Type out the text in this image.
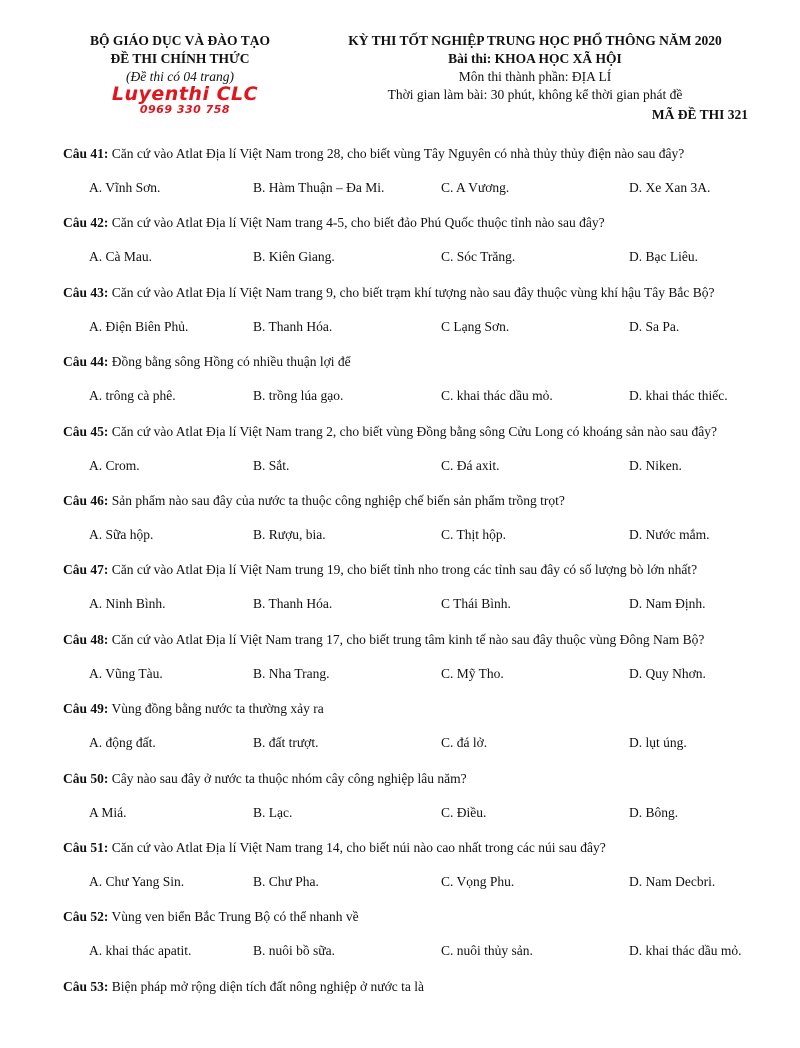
BỘ GIÁO DỤC VÀ ĐÀO TẠO
ĐỀ THI CHÍNH THỨC
(Đề thi có 04 trang)
Luyenthi CLC
0969 330 758
KỲ THI TỐT NGHIỆP TRUNG HỌC PHỔ THÔNG NĂM 2020
Bài thi: KHOA HỌC XÃ HỘI
Môn thi thành phần: ĐỊA LÍ
Thời gian làm bài: 30 phút, không kể thời gian phát đề
MÃ ĐỀ THI 321
Câu 41: Căn cứ vào Atlat Địa lí Việt Nam trong 28, cho biết vùng Tây Nguyên có nhà thủy thủy điện nào sau đây?
A. Vĩnh Sơn.	B. Hàm Thuận – Đa Mi.	C. A Vương.	D. Xe Xan 3A.
Câu 42: Căn cứ vào Atlat Địa lí Việt Nam trang 4-5, cho biết đảo Phú Quốc thuộc tỉnh nào sau đây?
A. Cà Mau.	B. Kiên Giang.	C. Sóc Trăng.	D. Bạc Liêu.
Câu 43: Căn cứ vào Atlat Địa lí Việt Nam trang 9, cho biết trạm khí tượng nào sau đây thuộc vùng khí hậu Tây Bắc Bộ?
A. Điện Biên Phủ.	B. Thanh Hóa.	C Lạng Sơn.	D. Sa Pa.
Câu 44: Đồng bằng sông Hồng có nhiều thuận lợi để
A. trông cà phê.	B. trồng lúa gạo.	C. khai thác dầu mỏ.	D. khai thác thiếc.
Câu 45: Căn cứ vào Atlat Địa lí Việt Nam trang 2, cho biết vùng Đồng bằng sông Cửu Long có khoáng sản nào sau đây?
A. Crom.	B. Sắt.	C. Đá axit.	D. Niken.
Câu 46: Sản phẩm nào sau đây của nước ta thuộc công nghiệp chế biến sản phẩm trồng trọt?
A. Sữa hộp.	B. Rượu, bia.	C. Thịt hộp.	D. Nước mắm.
Câu 47: Căn cứ vào Atlat Địa lí Việt Nam trung 19, cho biết tỉnh nho trong các tỉnh sau đây có số lượng bò lớn nhất?
A. Ninh Bình.	B. Thanh Hóa.	C Thái Bình.	D. Nam Định.
Câu 48: Căn cứ vào Atlat Địa lí Việt Nam trang 17, cho biết trung tâm kinh tế nào sau đây thuộc vùng Đông Nam Bộ?
A. Vũng Tàu.	B. Nha Trang.	C. Mỹ Tho.	D. Quy Nhơn.
Câu 49: Vùng đồng bằng nước ta thường xảy ra
A. động đất.	B. đất trượt.	C. đá lở.	D. lụt úng.
Câu 50: Cây nào sau đây ở nước ta thuộc nhóm cây công nghiệp lâu năm?
A Miá.	B. Lạc.	C. Điều.	D. Bông.
Câu 51: Căn cứ vào Atlat Địa lí Việt Nam trang 14, cho biết núi nào cao nhất trong các núi sau đây?
A. Chư Yang Sin.	B. Chư Pha.	C. Vọng Phu.	D. Nam Decbri.
Câu 52: Vùng ven biển Bắc Trung Bộ có thể nhanh về
A. khai thác apatit.	B. nuôi bồ sữa.	C. nuôi thủy sản.	D. khai thác dầu mỏ.
Câu 53: Biện pháp mở rộng diện tích đất nông nghiệp ở nước ta là
